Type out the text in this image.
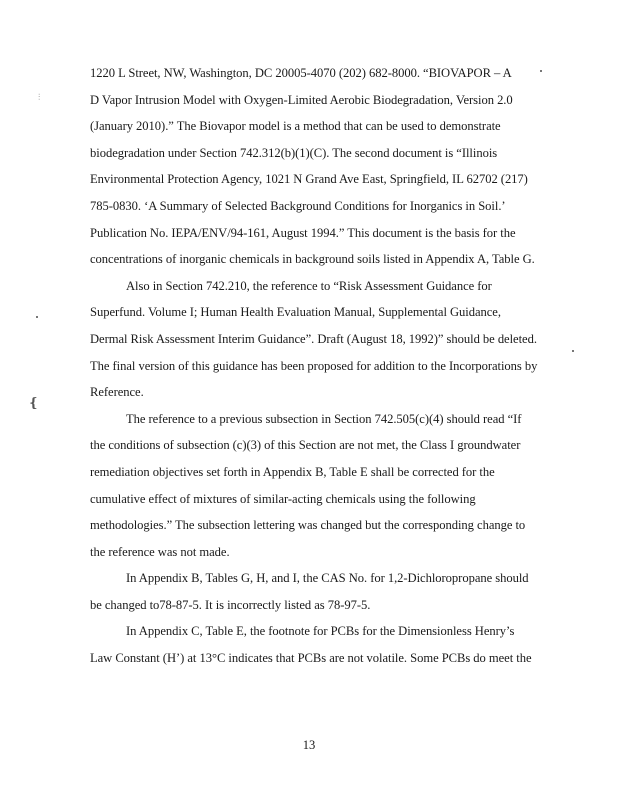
⫶
❴
1220 L Street, NW, Washington, DC 20005-4070 (202) 682-8000. “BIOVAPOR – A
D Vapor Intrusion Model with Oxygen-Limited Aerobic Biodegradation, Version 2.0
(January 2010).” The Biovapor model is a method that can be used to demonstrate
biodegradation under Section 742.312(b)(1)(C). The second document is “Illinois
Environmental Protection Agency, 1021 N Grand Ave East, Springfield, IL 62702 (217)
785-0830. ‘A Summary of Selected Background Conditions for Inorganics in Soil.’
Publication No. IEPA/ENV/94-161, August 1994.” This document is the basis for the
concentrations of inorganic chemicals in background soils listed in Appendix A, Table G.
Also in Section 742.210, the reference to “Risk Assessment Guidance for
Superfund. Volume I; Human Health Evaluation Manual, Supplemental Guidance,
Dermal Risk Assessment Interim Guidance”. Draft (August 18, 1992)” should be deleted.
The final version of this guidance has been proposed for addition to the Incorporations by
Reference.
The reference to a previous subsection in Section 742.505(c)(4) should read “If
the conditions of subsection (c)(3) of this Section are not met, the Class I groundwater
remediation objectives set forth in Appendix B, Table E shall be corrected for the
cumulative effect of mixtures of similar-acting chemicals using the following
methodologies.” The subsection lettering was changed but the corresponding change to
the reference was not made.
In Appendix B, Tables G, H, and I, the CAS No. for 1,2-Dichloropropane should
be changed to78-87-5. It is incorrectly listed as 78-97-5.
In Appendix C, Table E, the footnote for PCBs for the Dimensionless Henry’s
Law Constant (H’) at 13°C indicates that PCBs are not volatile. Some PCBs do meet the
13
